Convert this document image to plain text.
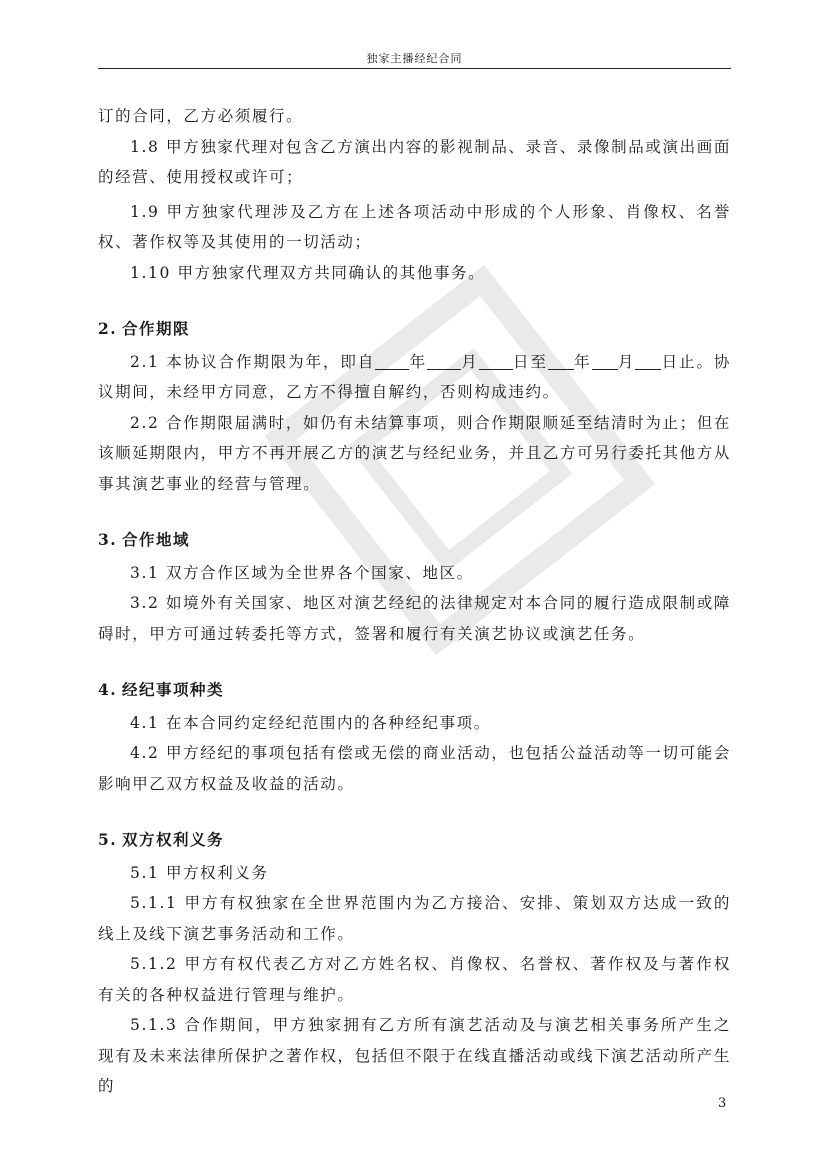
独家主播经纪合同

订的合同，乙方必须履行。

1.8 甲方独家代理对包含乙方演出内容的影视制品、录音、录像制品或演出画面的经营、使用授权或许可；

1.9 甲方独家代理涉及乙方在上述各项活动中形成的个人形象、肖像权、名誉权、著作权等及其使用的一切活动；

1.10 甲方独家代理双方共同确认的其他事务。

2. 合作期限

2.1 本协议合作期限为年，即自 年 月 日至 年 月 日止。协议期间，未经甲方同意，乙方不得擅自解约，否则构成违约。

2.2 合作期限届满时，如仍有未结算事项，则合作期限顺延至结清时为止；但在该顺延期限内，甲方不再开展乙方的演艺与经纪业务，并且乙方可另行委托其他方从事其演艺事业的经营与管理。

3. 合作地域

3.1 双方合作区域为全世界各个国家、地区。

3.2 如境外有关国家、地区对演艺经纪的法律规定对本合同的履行造成限制或障碍时，甲方可通过转委托等方式，签署和履行有关演艺协议或演艺任务。

4. 经纪事项种类

4.1 在本合同约定经纪范围内的各种经纪事项。

4.2 甲方经纪的事项包括有偿或无偿的商业活动，也包括公益活动等一切可能会影响甲乙双方权益及收益的活动。

5. 双方权利义务

5.1 甲方权利义务

5.1.1 甲方有权独家在全世界范围内为乙方接洽、安排、策划双方达成一致的线上及线下演艺事务活动和工作。

5.1.2 甲方有权代表乙方对乙方姓名权、肖像权、名誉权、著作权及与著作权有关的各种权益进行管理与维护。

5.1.3 合作期间，甲方独家拥有乙方所有演艺活动及与演艺相关事务所产生之现有及未来法律所保护之著作权，包括但不限于在线直播活动或线下演艺活动所产生的

3
